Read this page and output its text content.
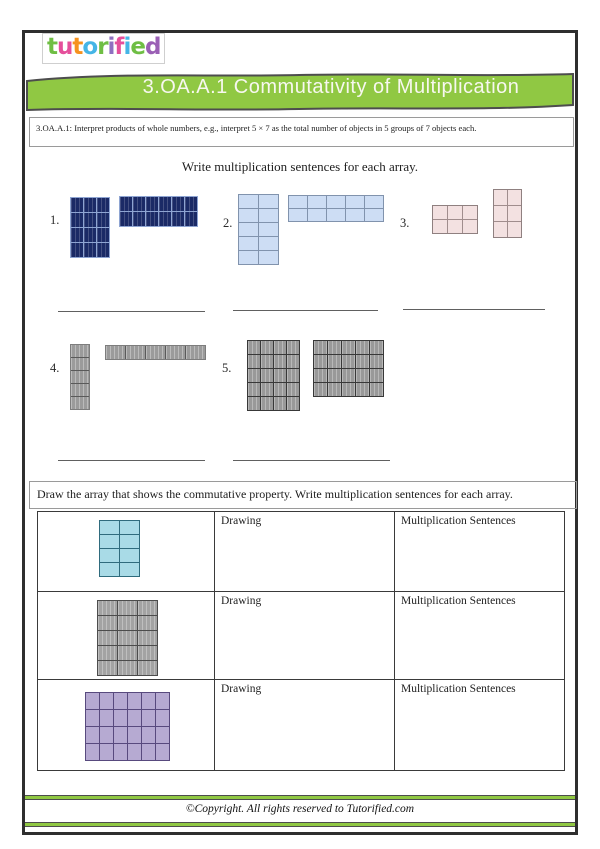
tutorified
3.OA.A.1 Commutativity of Multiplication
3.OA.A.1: Interpret products of whole numbers, e.g., interpret 5 × 7 as the total number of objects in 5 groups of 7 objects each.
Write multiplication sentences for each array.
1.	2.	3.
4.	5.
Draw the array that shows the commutative property. Write multiplication sentences for each array.
Drawing	Multiplication Sentences
Drawing	Multiplication Sentences
Drawing	Multiplication Sentences
©Copyright. All rights reserved to Tutorified.com
